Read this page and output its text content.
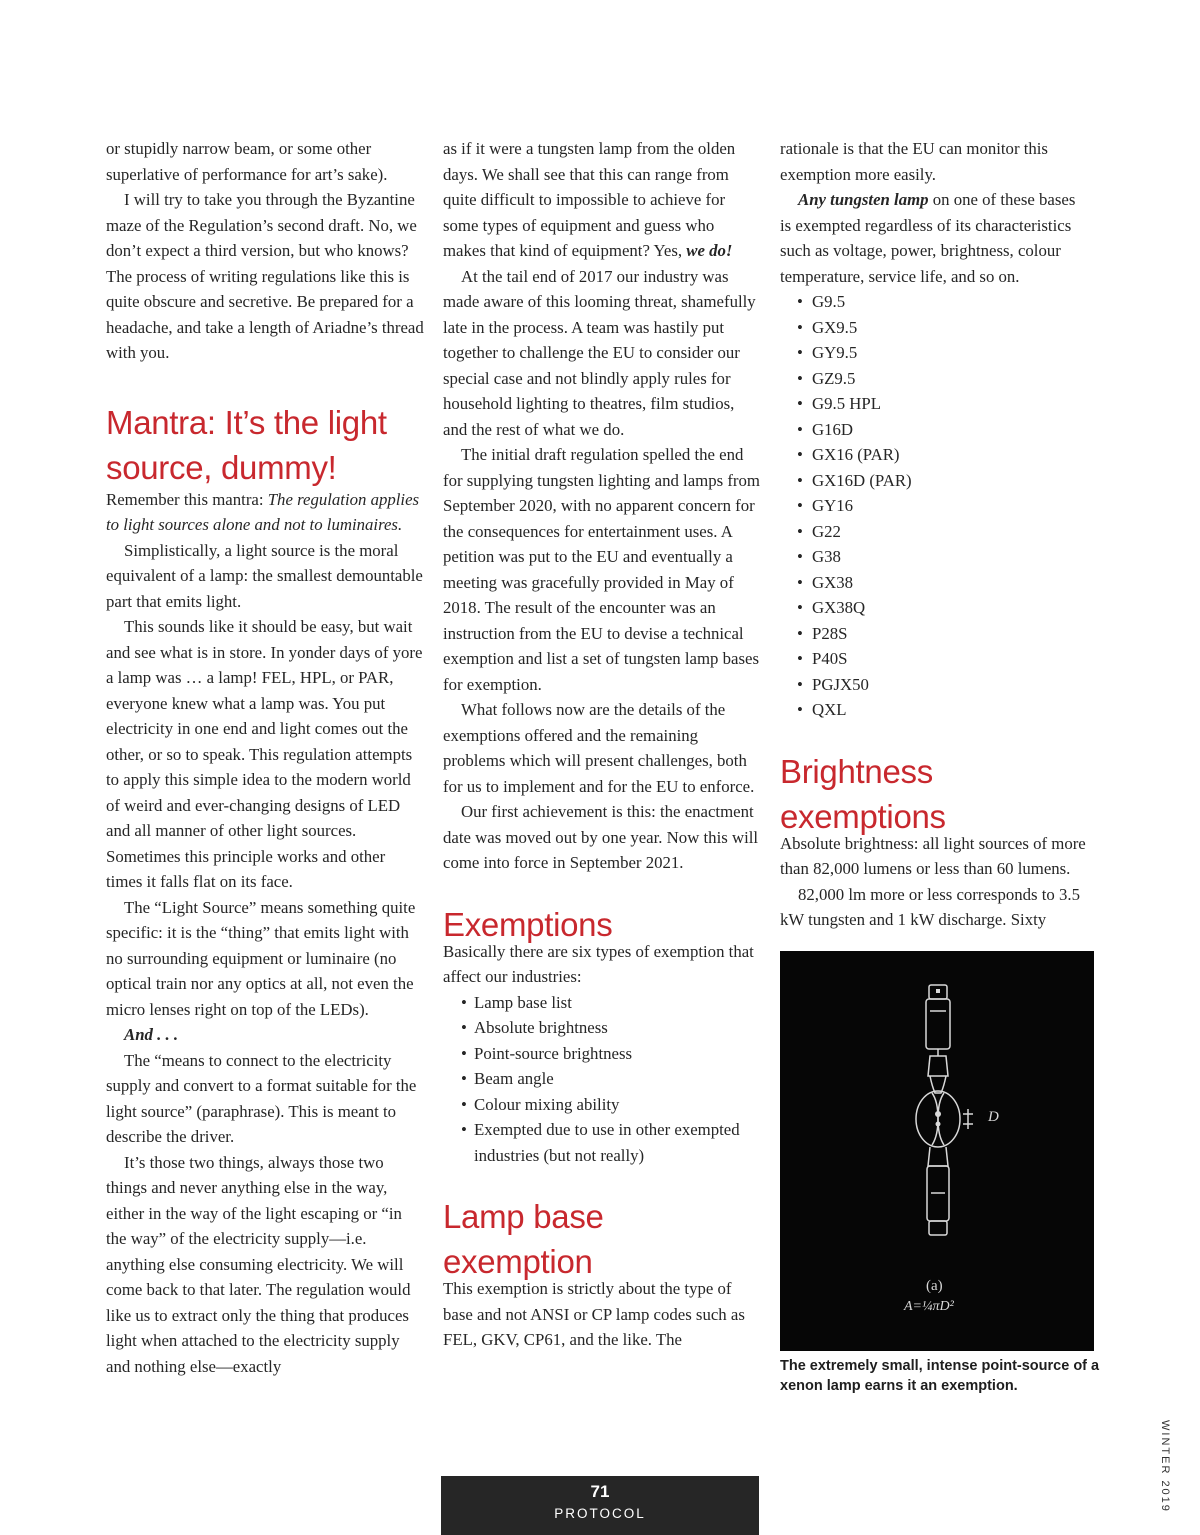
or stupidly narrow beam, or some other superlative of performance for art’s sake).

I will try to take you through the Byzantine maze of the Regulation’s second draft. No, we don’t expect a third version, but who knows? The process of writing regulations like this is quite obscure and secretive. Be prepared for a headache, and take a length of Ariadne’s thread with you.

Mantra: It’s the light source, dummy!

Remember this mantra: The regulation applies to light sources alone and not to luminaires.

Simplistically, a light source is the moral equivalent of a lamp: the smallest demountable part that emits light.

This sounds like it should be easy, but wait and see what is in store. In yonder days of yore a lamp was … a lamp! FEL, HPL, or PAR, everyone knew what a lamp was. You put electricity in one end and light comes out the other, or so to speak. This regulation attempts to apply this simple idea to the modern world of weird and ever-changing designs of LED and all manner of other light sources. Sometimes this principle works and other times it falls flat on its face.

The “Light Source” means something quite specific: it is the “thing” that emits light with no surrounding equipment or luminaire (no optical train nor any optics at all, not even the micro lenses right on top of the LEDs).

And . . .

The “means to connect to the electricity supply and convert to a format suitable for the light source” (paraphrase). This is meant to describe the driver.

It’s those two things, always those two things and never anything else in the way, either in the way of the light escaping or “in the way” of the electricity supply—i.e. anything else consuming electricity. We will come back to that later. The regulation would like us to extract only the thing that produces light when attached to the electricity supply and nothing else—exactly

as if it were a tungsten lamp from the olden days. We shall see that this can range from quite difficult to impossible to achieve for some types of equipment and guess who makes that kind of equipment? Yes, we do!

At the tail end of 2017 our industry was made aware of this looming threat, shamefully late in the process. A team was hastily put together to challenge the EU to consider our special case and not blindly apply rules for household lighting to theatres, film studios, and the rest of what we do.

The initial draft regulation spelled the end for supplying tungsten lighting and lamps from September 2020, with no apparent concern for the consequences for entertainment uses. A petition was put to the EU and eventually a meeting was gracefully provided in May of 2018. The result of the encounter was an instruction from the EU to devise a technical exemption and list a set of tungsten lamp bases for exemption.

What follows now are the details of the exemptions offered and the remaining problems which will present challenges, both for us to implement and for the EU to enforce.

Our first achievement is this: the enactment date was moved out by one year. Now this will come into force in September 2021.

Exemptions

Basically there are six types of exemption that affect our industries:

• Lamp base list
• Absolute brightness
• Point-source brightness
• Beam angle
• Colour mixing ability
• Exempted due to use in other exempted industries (but not really)
Lamp base exemption

This exemption is strictly about the type of base and not ANSI or CP lamp codes such as FEL, GKV, CP61, and the like. The

rationale is that the EU can monitor this exemption more easily.

Any tungsten lamp on one of these bases is exempted regardless of its characteristics such as voltage, power, brightness, colour temperature, service life, and so on.

• G9.5
• GX9.5
• GY9.5
• GZ9.5
• G9.5 HPL
• G16D
• GX16 (PAR)
• GX16D (PAR)
• GY16
• G22
• G38
• GX38
• GX38Q
• P28S
• P40S
• PGJX50
• QXL
Brightness exemptions

Absolute brightness: all light sources of more than 82,000 lumens or less than 60 lumens.

82,000 lm more or less corresponds to 3.5 kW tungsten and 1 kW discharge. Sixty

D
(a)
A=¼πD²
The extremely small, intense point-source of a xenon lamp earns it an exemption.
71
PROTOCOL
WINTER 2019
